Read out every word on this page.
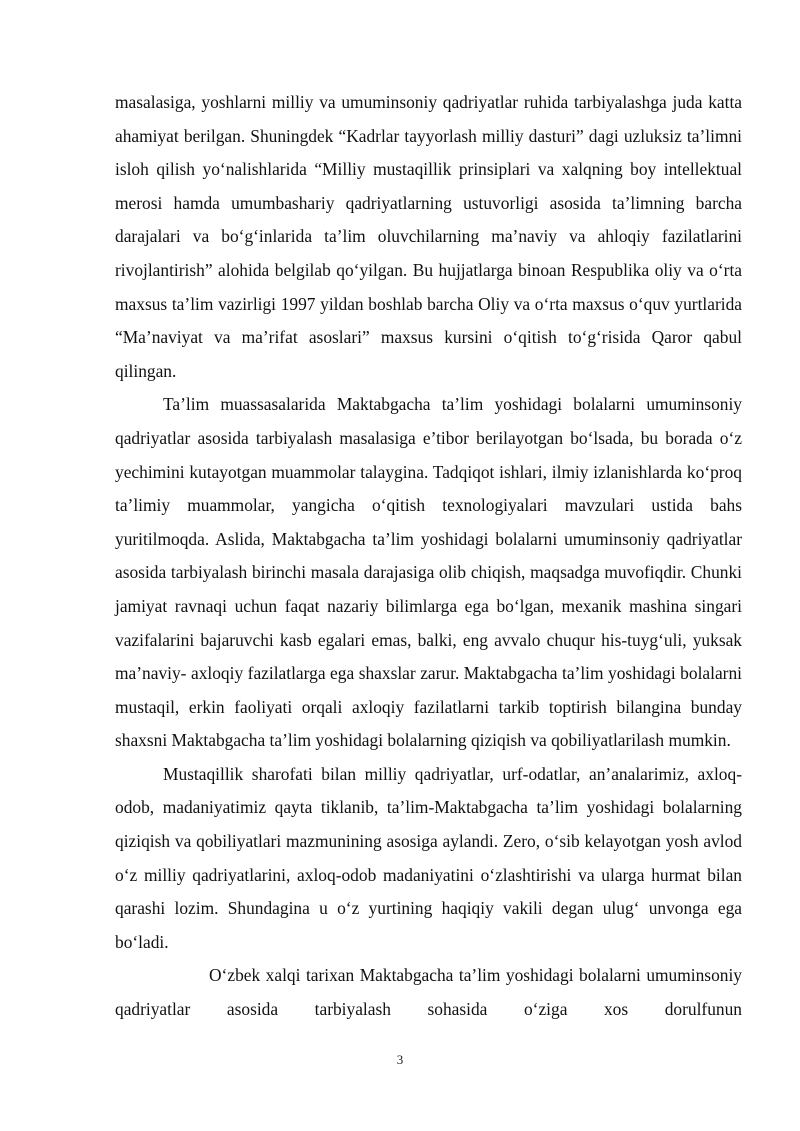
masalasiga, yoshlarni milliy va umuminsoniy qadriyatlar ruhida tarbiyalashga juda katta ahamiyat berilgan. Shuningdek “Kadrlar tayyorlash milliy dasturi” dagi uzluksiz ta’limni isloh qilish yo‘nalishlarida “Milliy mustaqillik prinsiplari va xalqning boy intellektual merosi hamda umumbashariy qadriyatlarning ustuvorligi asosida ta’limning barcha darajalari va bo‘g‘inlarida ta’lim oluvchilarning ma’naviy va ahloqiy fazilatlarini rivojlantirish” alohida belgilab qo‘yilgan. Bu hujjatlarga binoan Respublika oliy va o‘rta maxsus ta’lim vazirligi 1997 yildan boshlab barcha Oliy va o‘rta maxsus o‘quv yurtlarida “Ma’naviyat va ma’rifat asoslari” maxsus kursini o‘qitish to‘g‘risida Qaror qabul qilingan.

Ta’lim muassasalarida Maktabgacha ta’lim yoshidagi bolalarni umuminsoniy qadriyatlar asosida tarbiyalash masalasiga e’tibor berilayotgan bo‘lsada, bu borada o‘z yechimini kutayotgan muammolar talaygina. Tadqiqot ishlari, ilmiy izlanishlarda ko‘proq ta’limiy muammolar, yangicha o‘qitish texnologiyalari mavzulari ustida bahs yuritilmoqda. Aslida, Maktabgacha ta’lim yoshidagi bolalarni umuminsoniy qadriyatlar asosida tarbiyalash birinchi masala darajasiga olib chiqish, maqsadga muvofiqdir. Chunki jamiyat ravnaqi uchun faqat nazariy bilimlarga ega bo‘lgan, mexanik mashina singari vazifalarini bajaruvchi kasb egalari emas, balki, eng avvalo chuqur his-tuyg‘uli, yuksak ma’naviy- axloqiy fazilatlarga ega shaxslar zarur. Maktabgacha ta’lim yoshidagi bolalarni mustaqil, erkin faoliyati orqali axloqiy fazilatlarni tarkib toptirish bilangina bunday shaxsni Maktabgacha ta’lim yoshidagi bolalarning qiziqish va qobiliyatlarilash mumkin.

Mustaqillik sharofati bilan milliy qadriyatlar, urf-odatlar, an’analarimiz, axloq-odob, madaniyatimiz qayta tiklanib, ta’lim-Maktabgacha ta’lim yoshidagi bolalarning qiziqish va qobiliyatlari mazmunining asosiga aylandi. Zero, o‘sib kelayotgan yosh avlod o‘z milliy qadriyatlarini, axloq-odob madaniyatini o‘zlashtirishi va ularga hurmat bilan qarashi lozim. Shundagina u o‘z yurtining haqiqiy vakili degan ulug‘ unvonga ega bo‘ladi.

O‘zbek xalqi tarixan Maktabgacha ta’lim yoshidagi bolalarni umuminsoniy qadriyatlar asosida tarbiyalash sohasida o‘ziga xos dorulfunun

3
